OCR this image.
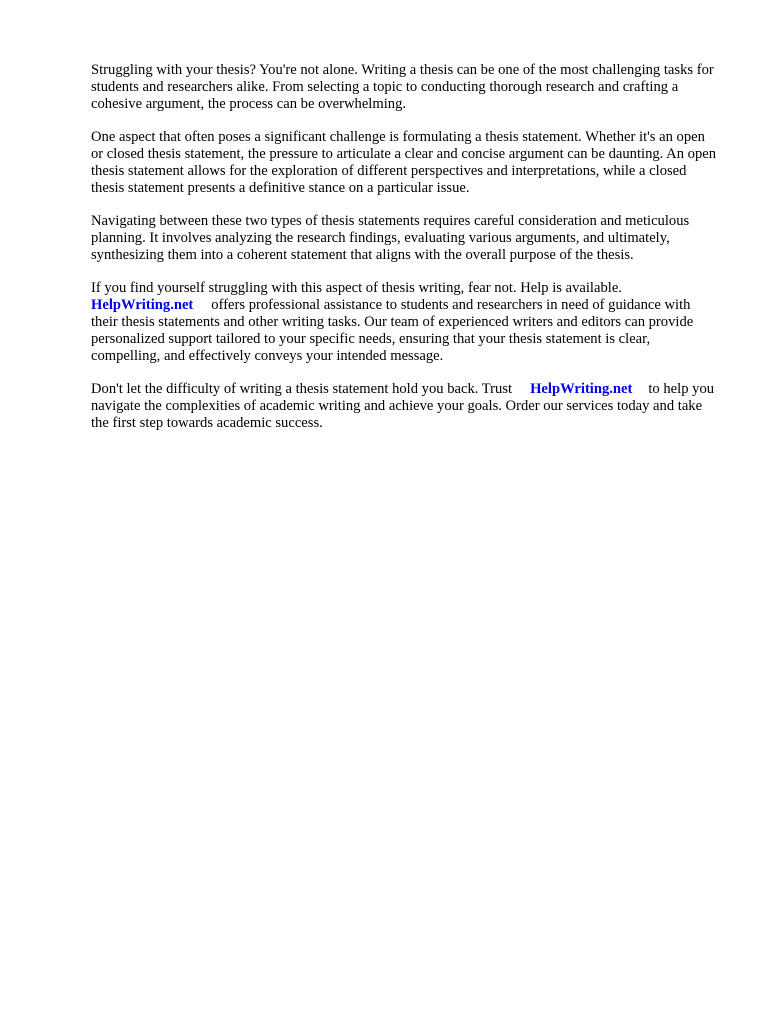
Struggling with your thesis? You're not alone. Writing a thesis can be one of the most challenging tasks for students and researchers alike. From selecting a topic to conducting thorough research and crafting a cohesive argument, the process can be overwhelming.

One aspect that often poses a significant challenge is formulating a thesis statement. Whether it's an open or closed thesis statement, the pressure to articulate a clear and concise argument can be daunting. An open thesis statement allows for the exploration of different perspectives and interpretations, while a closed thesis statement presents a definitive stance on a particular issue.

Navigating between these two types of thesis statements requires careful consideration and meticulous planning. It involves analyzing the research findings, evaluating various arguments, and ultimately, synthesizing them into a coherent statement that aligns with the overall purpose of the thesis.

If you find yourself struggling with this aspect of thesis writing, fear not. Help is available.
HelpWriting.net offers professional assistance to students and researchers in need of guidance with their thesis statements and other writing tasks. Our team of experienced writers and editors can provide personalized support tailored to your specific needs, ensuring that your thesis statement is clear, compelling, and effectively conveys your intended message.

Don't let the difficulty of writing a thesis statement hold you back. Trust HelpWriting.net to help you navigate the complexities of academic writing and achieve your goals. Order our services today and take the first step towards academic success.
